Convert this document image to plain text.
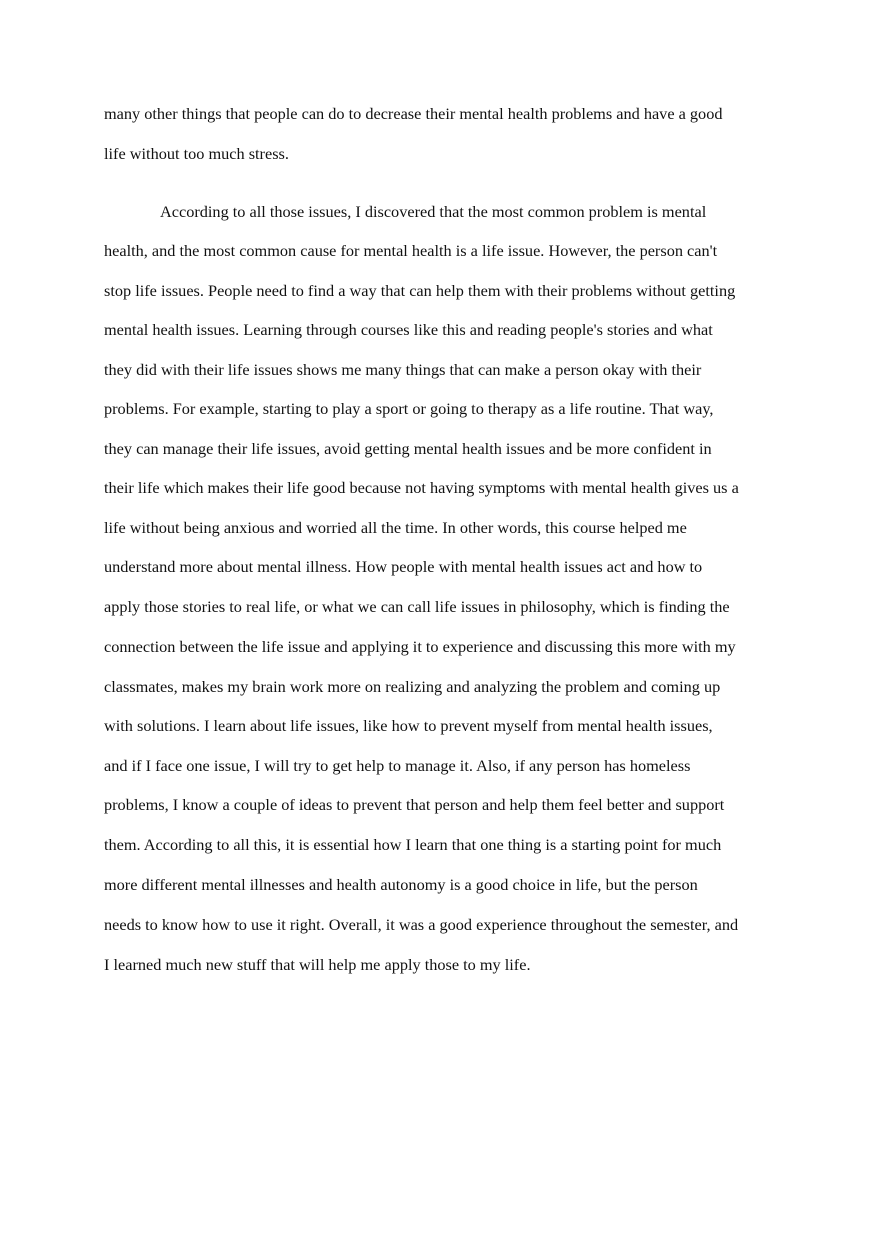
many other things that people can do to decrease their mental health problems and have a good
life without too much stress.
According to all those issues, I discovered that the most common problem is mental
health, and the most common cause for mental health is a life issue. However, the person can't
stop life issues. People need to find a way that can help them with their problems without getting
mental health issues. Learning through courses like this and reading people's stories and what
they did with their life issues shows me many things that can make a person okay with their
problems. For example, starting to play a sport or going to therapy as a life routine. That way,
they can manage their life issues, avoid getting mental health issues and be more confident in
their life which makes their life good because not having symptoms with mental health gives us a
life without being anxious and worried all the time. In other words, this course helped me
understand more about mental illness. How people with mental health issues act and how to
apply those stories to real life, or what we can call life issues in philosophy, which is finding the
connection between the life issue and applying it to experience and discussing this more with my
classmates, makes my brain work more on realizing and analyzing the problem and coming up
with solutions. I learn about life issues, like how to prevent myself from mental health issues,
and if I face one issue, I will try to get help to manage it. Also, if any person has homeless
problems, I know a couple of ideas to prevent that person and help them feel better and support
them. According to all this, it is essential how I learn that one thing is a starting point for much
more different mental illnesses and health autonomy is a good choice in life, but the person
needs to know how to use it right. Overall, it was a good experience throughout the semester, and
I learned much new stuff that will help me apply those to my life.
